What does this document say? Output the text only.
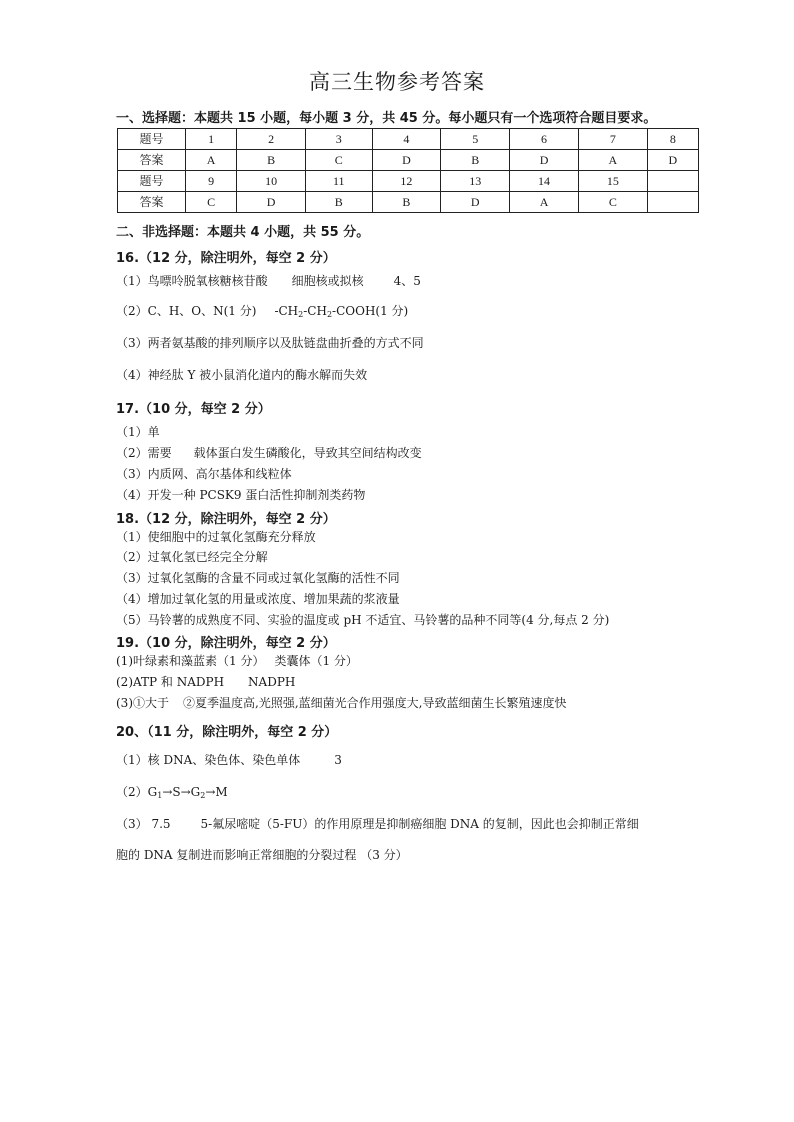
高三生物参考答案
一、选择题：本题共 15 小题，每小题 3 分，共 45 分。每小题只有一个选项符合题目要求。
题号	1	2	3	4	5	6	7	8
答案	A	B	C	D	B	D	A	D
题号	9	10	11	12	13	14	15	
答案	C	D	B	B	D	A	C	
二、非选择题：本题共 4 小题，共 55 分。
16.（12 分，除注明外，每空 2 分）
（1）鸟嘌呤脱氧核糖核苷酸 细胞核或拟核	4、5
（2）C、H、O、N(1 分) $-CH_2-CH_2-COOH(1$ 分)
（3）两者氨基酸的排列顺序以及肽链盘曲折叠的方式不同
（4）神经肽 Y 被小鼠消化道内的酶水解而失效
17.（10 分，每空 2 分）
（1）单
（2）需要 载体蛋白发生磷酸化，导致其空间结构改变
（3）内质网、高尔基体和线粒体
（4）开发一种 PCSK9 蛋白活性抑制剂类药物
18.（12 分，除注明外，每空 2 分）
（1）使细胞中的过氧化氢酶充分释放
（2）过氧化氢已经完全分解
（3）过氧化氢酶的含量不同或过氧化氢酶的活性不同
（4）增加过氧化氢的用量或浓度、增加果蔬的浆液量
（5）马铃薯的成熟度不同、实验的温度或 pH 不适宜、马铃薯的品种不同等(4 分,每点 2 分)
19.（10 分，除注明外，每空 2 分）
(1)叶绿素和藻蓝素（1 分） 类囊体（1 分）
(2)ATP 和 NADPH NADPH
(3)①大于 ②夏季温度高,光照强,蓝细菌光合作用强度大,导致蓝细菌生长繁殖速度快
20、（11 分，除注明外，每空 2 分）
（1）核 DNA、染色体、染色单体	3
$(2)G_1\to S\to G_2\to M$
（3） 7.5	5-氟尿嘧啶（5-FU）的作用原理是抑制癌细胞 DNA 的复制，因此也会抑制正常细
胞的 DNA 复制进而影响正常细胞的分裂过程 （3 分）
